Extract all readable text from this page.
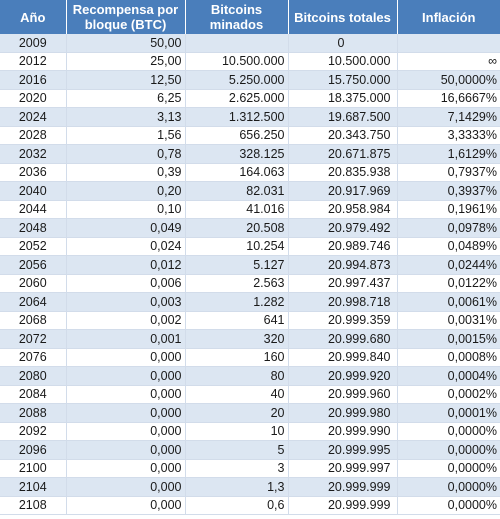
Año	Recompensa por bloque (BTC)	Bitcoins minados	Bitcoins totales	Inflación
2009	50,00		0	
2012	25,00	10.500.000	10.500.000	∞
2016	12,50	5.250.000	15.750.000	50,0000%
2020	6,25	2.625.000	18.375.000	16,6667%
2024	3,13	1.312.500	19.687.500	7,1429%
2028	1,56	656.250	20.343.750	3,3333%
2032	0,78	328.125	20.671.875	1,6129%
2036	0,39	164.063	20.835.938	0,7937%
2040	0,20	82.031	20.917.969	0,3937%
2044	0,10	41.016	20.958.984	0,1961%
2048	0,049	20.508	20.979.492	0,0978%
2052	0,024	10.254	20.989.746	0,0489%
2056	0,012	5.127	20.994.873	0,0244%
2060	0,006	2.563	20.997.437	0,0122%
2064	0,003	1.282	20.998.718	0,0061%
2068	0,002	641	20.999.359	0,0031%
2072	0,001	320	20.999.680	0,0015%
2076	0,000	160	20.999.840	0,0008%
2080	0,000	80	20.999.920	0,0004%
2084	0,000	40	20.999.960	0,0002%
2088	0,000	20	20.999.980	0,0001%
2092	0,000	10	20.999.990	0,0000%
2096	0,000	5	20.999.995	0,0000%
2100	0,000	3	20.999.997	0,0000%
2104	0,000	1,3	20.999.999	0,0000%
2108	0,000	0,6	20.999.999	0,0000%
